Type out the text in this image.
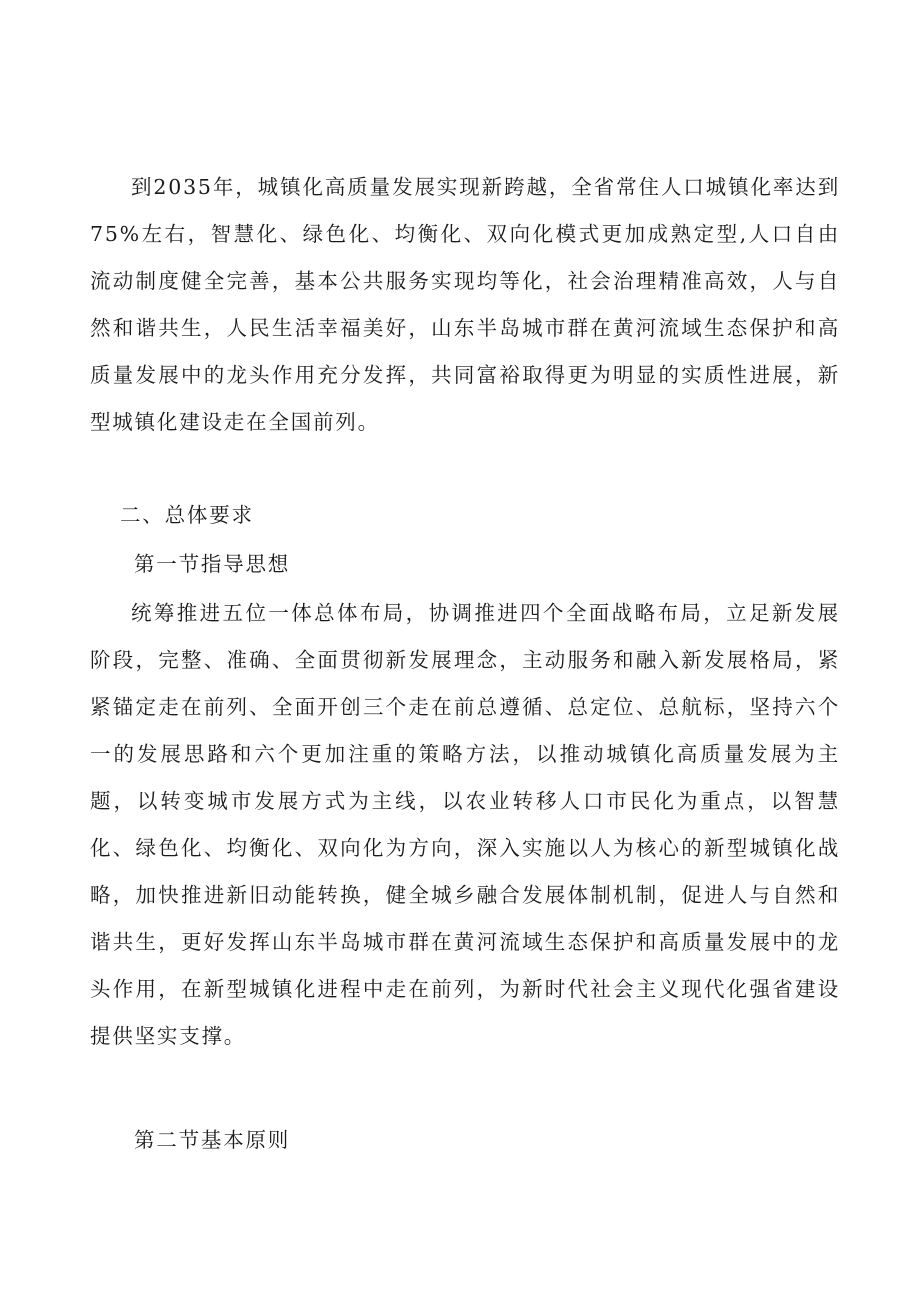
到2035年，城镇化高质量发展实现新跨越，全省常住人口城镇化率达到75%左右，智慧化、绿色化、均衡化、双向化模式更加成熟定型,人口自由流动制度健全完善，基本公共服务实现均等化，社会治理精准高效，人与自然和谐共生，人民生活幸福美好，山东半岛城市群在黄河流域生态保护和高质量发展中的龙头作用充分发挥，共同富裕取得更为明显的实质性进展，新型城镇化建设走在全国前列。

二、总体要求
第一节指导思想

统筹推进五位一体总体布局，协调推进四个全面战略布局，立足新发展阶段，完整、准确、全面贯彻新发展理念，主动服务和融入新发展格局，紧紧锚定走在前列、全面开创三个走在前总遵循、总定位、总航标，坚持六个一的发展思路和六个更加注重的策略方法，以推动城镇化高质量发展为主题，以转变城市发展方式为主线，以农业转移人口市民化为重点，以智慧化、绿色化、均衡化、双向化为方向，深入实施以人为核心的新型城镇化战略，加快推进新旧动能转换，健全城乡融合发展体制机制，促进人与自然和谐共生，更好发挥山东半岛城市群在黄河流域生态保护和高质量发展中的龙头作用，在新型城镇化进程中走在前列，为新时代社会主义现代化强省建设提供坚实支撑。

第二节基本原则
